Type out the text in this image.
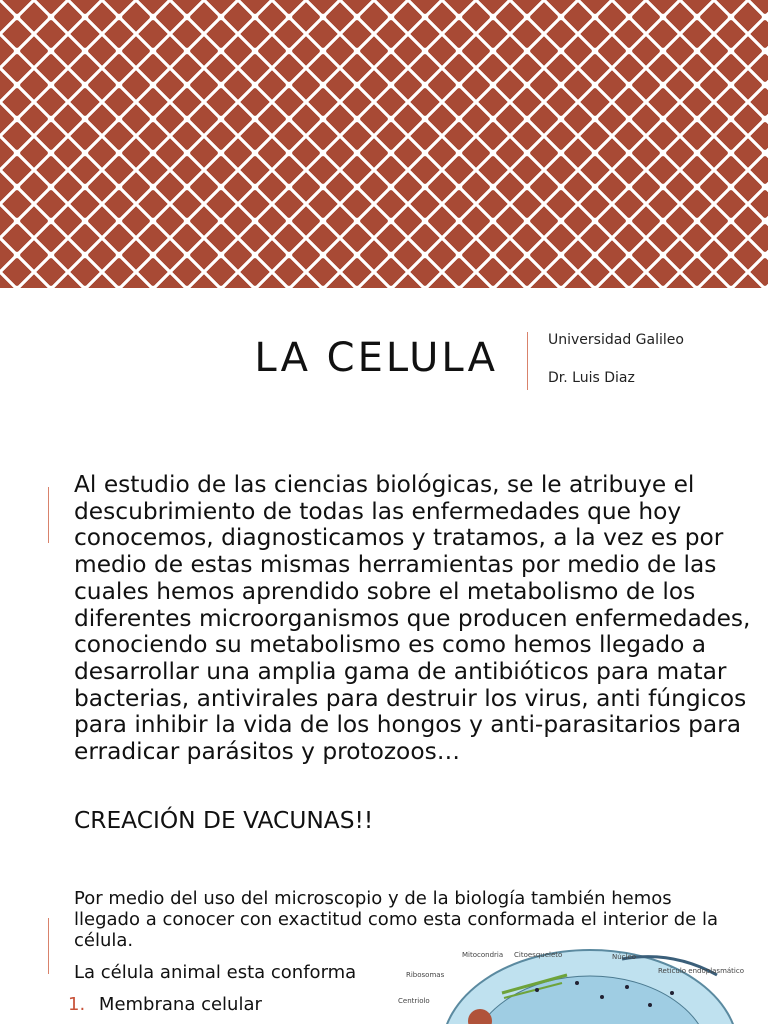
LA CELULA	Universidad Galileo
Dr. Luis Diaz
Al estudio de las ciencias biológicas, se le atribuye el descubrimiento de todas las enfermedades que hoy conocemos, diagnosticamos y tratamos, a la vez es por medio de estas mismas herramientas por medio de las cuales hemos aprendido sobre el metabolismo de los diferentes microorganismos que producen enfermedades, conociendo su metabolismo es como hemos llegado a desarrollar una amplia gama de antibióticos para matar bacterias, antivirales para destruir los virus, anti fúngicos para inhibir la vida de los hongos y anti-parasitarios para erradicar parásitos y protozoos…
CREACIÓN DE VACUNAS!!
Por medio del uso del microscopio y de la biología también hemos llegado a conocer con exactitud como esta conformada el interior de la célula.
La célula animal esta conforma
1. Membrana celular
Mitocondria Citoesqueleto	Núcleo
Retículo endoplasmático
Ribosomas
Centriolo
